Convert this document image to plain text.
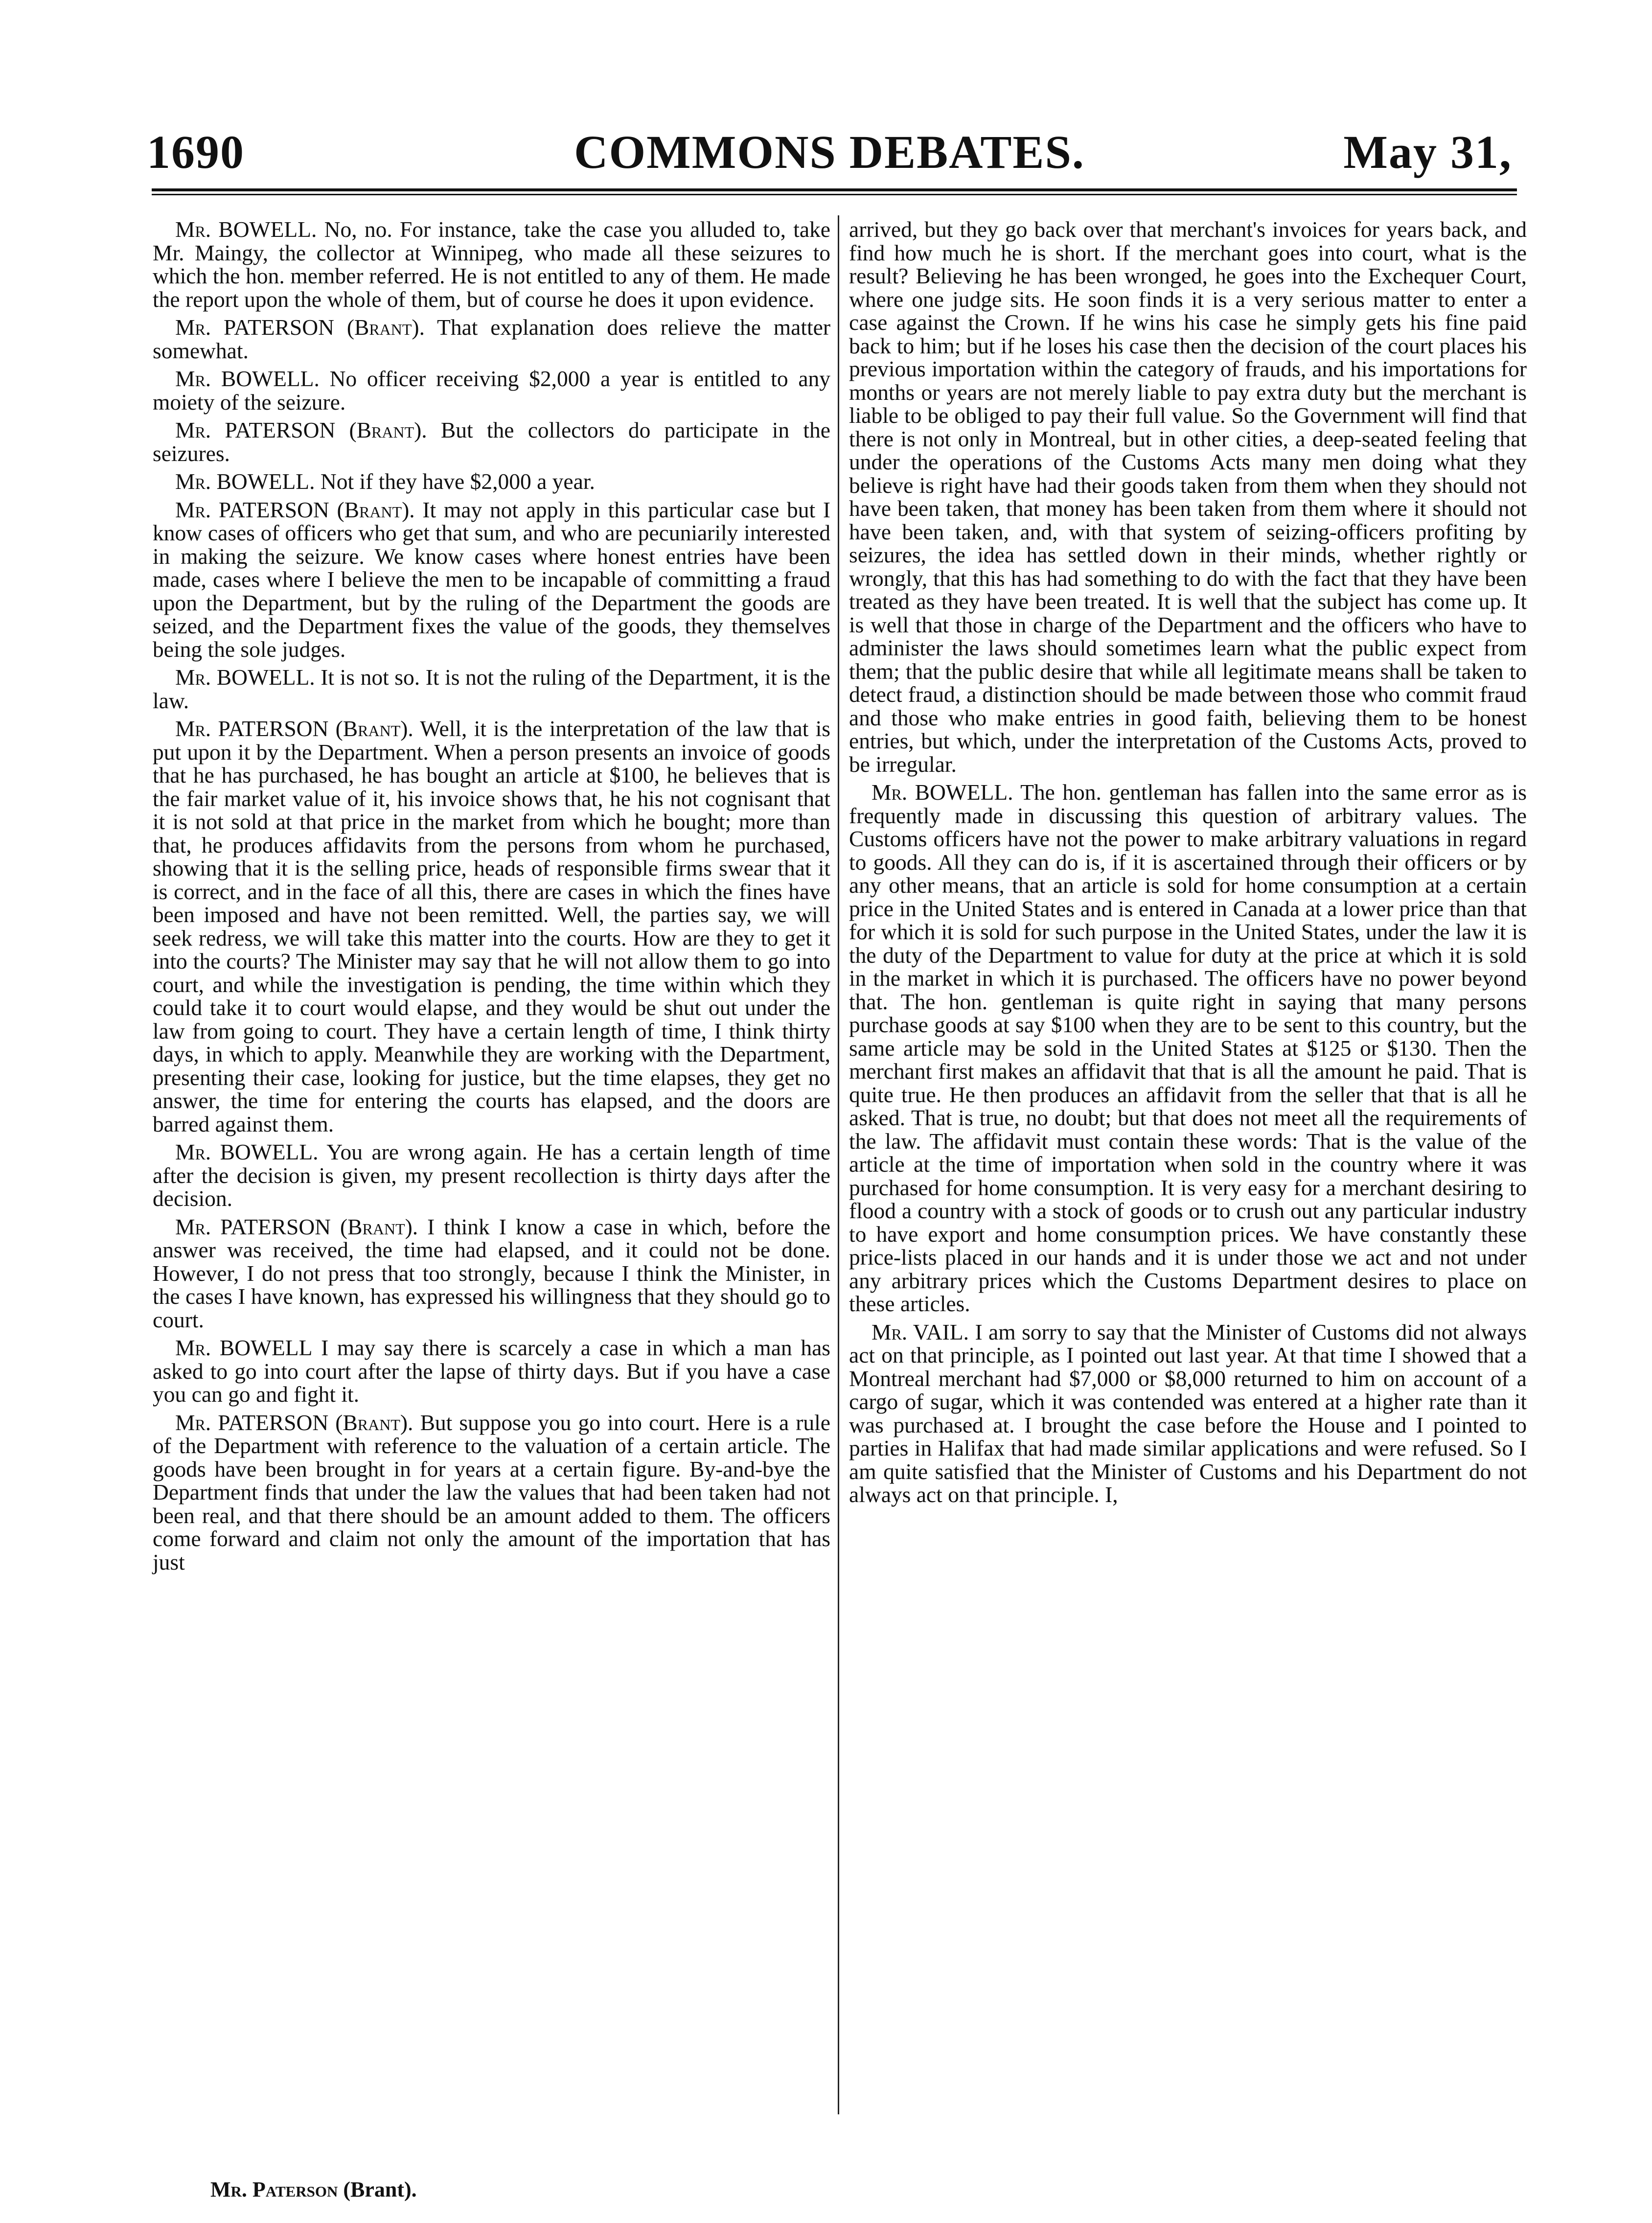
1690	COMMONS DEBATES.	May 31,

Mr. BOWELL. No, no. For instance, take the case you alluded to, take Mr. Maingy, the collector at Winnipeg, who made all these seizures to which the hon. member referred. He is not entitled to any of them. He made the report upon the whole of them, but of course he does it upon evidence.

Mr. PATERSON (Brant). That explanation does relieve the matter somewhat.

Mr. BOWELL. No officer receiving $2,000 a year is entitled to any moiety of the seizure.

Mr. PATERSON (Brant). But the collectors do participate in the seizures.

Mr. BOWELL. Not if they have $2,000 a year.

Mr. PATERSON (Brant). It may not apply in this particular case but I know cases of officers who get that sum, and who are pecuniarily interested in making the seizure. We know cases where honest entries have been made, cases where I believe the men to be incapable of committing a fraud upon the Department, but by the ruling of the Department the goods are seized, and the Department fixes the value of the goods, they themselves being the sole judges.

Mr. BOWELL. It is not so. It is not the ruling of the Department, it is the law.

Mr. PATERSON (Brant). Well, it is the interpretation of the law that is put upon it by the Department. When a person presents an invoice of goods that he has purchased, he has bought an article at $100, he believes that is the fair market value of it, his invoice shows that, he his not cognisant that it is not sold at that price in the market from which he bought; more than that, he produces affidavits from the persons from whom he purchased, showing that it is the selling price, heads of responsible firms swear that it is correct, and in the face of all this, there are cases in which the fines have been imposed and have not been remitted. Well, the parties say, we will seek redress, we will take this matter into the courts. How are they to get it into the courts? The Minister may say that he will not allow them to go into court, and while the investigation is pending, the time within which they could take it to court would elapse, and they would be shut out under the law from going to court. They have a certain length of time, I think thirty days, in which to apply. Meanwhile they are working with the Department, presenting their case, looking for justice, but the time elapses, they get no answer, the time for entering the courts has elapsed, and the doors are barred against them.

Mr. BOWELL. You are wrong again. He has a certain length of time after the decision is given, my present recollection is thirty days after the decision.

Mr. PATERSON (Brant). I think I know a case in which, before the answer was received, the time had elapsed, and it could not be done. However, I do not press that too strongly, because I think the Minister, in the cases I have known, has expressed his willingness that they should go to court.

Mr. BOWELL I may say there is scarcely a case in which a man has asked to go into court after the lapse of thirty days. But if you have a case you can go and fight it.

Mr. PATERSON (Brant). But suppose you go into court. Here is a rule of the Department with reference to the valuation of a certain article. The goods have been brought in for years at a certain figure. By-and-bye the Department finds that under the law the values that had been taken had not been real, and that there should be an amount added to them. The officers come forward and claim not only the amount of the importation that has just

arrived, but they go back over that merchant's invoices for years back, and find how much he is short. If the merchant goes into court, what is the result? Believing he has been wronged, he goes into the Exchequer Court, where one judge sits. He soon finds it is a very serious matter to enter a case against the Crown. If he wins his case he simply gets his fine paid back to him; but if he loses his case then the decision of the court places his previous importation within the category of frauds, and his importations for months or years are not merely liable to pay extra duty but the merchant is liable to be obliged to pay their full value. So the Government will find that there is not only in Montreal, but in other cities, a deep-seated feeling that under the operations of the Customs Acts many men doing what they believe is right have had their goods taken from them when they should not have been taken, that money has been taken from them where it should not have been taken, and, with that system of seizing-officers profiting by seizures, the idea has settled down in their minds, whether rightly or wrongly, that this has had something to do with the fact that they have been treated as they have been treated. It is well that the subject has come up. It is well that those in charge of the Department and the officers who have to administer the laws should sometimes learn what the public expect from them; that the public desire that while all legitimate means shall be taken to detect fraud, a distinction should be made between those who commit fraud and those who make entries in good faith, believing them to be honest entries, but which, under the interpretation of the Customs Acts, proved to be irregular.

Mr. BOWELL. The hon. gentleman has fallen into the same error as is frequently made in discussing this question of arbitrary values. The Customs officers have not the power to make arbitrary valuations in regard to goods. All they can do is, if it is ascertained through their officers or by any other means, that an article is sold for home consumption at a certain price in the United States and is entered in Canada at a lower price than that for which it is sold for such purpose in the United States, under the law it is the duty of the Department to value for duty at the price at which it is sold in the market in which it is purchased. The officers have no power beyond that. The hon. gentleman is quite right in saying that many persons purchase goods at say $100 when they are to be sent to this country, but the same article may be sold in the United States at $125 or $130. Then the merchant first makes an affidavit that that is all the amount he paid. That is quite true. He then produces an affidavit from the seller that that is all he asked. That is true, no doubt; but that does not meet all the requirements of the law. The affidavit must contain these words: That is the value of the article at the time of importation when sold in the country where it was purchased for home consumption. It is very easy for a merchant desiring to flood a country with a stock of goods or to crush out any particular industry to have export and home consumption prices. We have constantly these price-lists placed in our hands and it is under those we act and not under any arbitrary prices which the Customs Department desires to place on these articles.

Mr. VAIL. I am sorry to say that the Minister of Customs did not always act on that principle, as I pointed out last year. At that time I showed that a Montreal merchant had $7,000 or $8,000 returned to him on account of a cargo of sugar, which it was contended was entered at a higher rate than it was purchased at. I brought the case before the House and I pointed to parties in Halifax that had made similar applications and were refused. So I am quite satisfied that the Minister of Customs and his Department do not always act on that principle. I,

Mr. Paterson (Brant).
